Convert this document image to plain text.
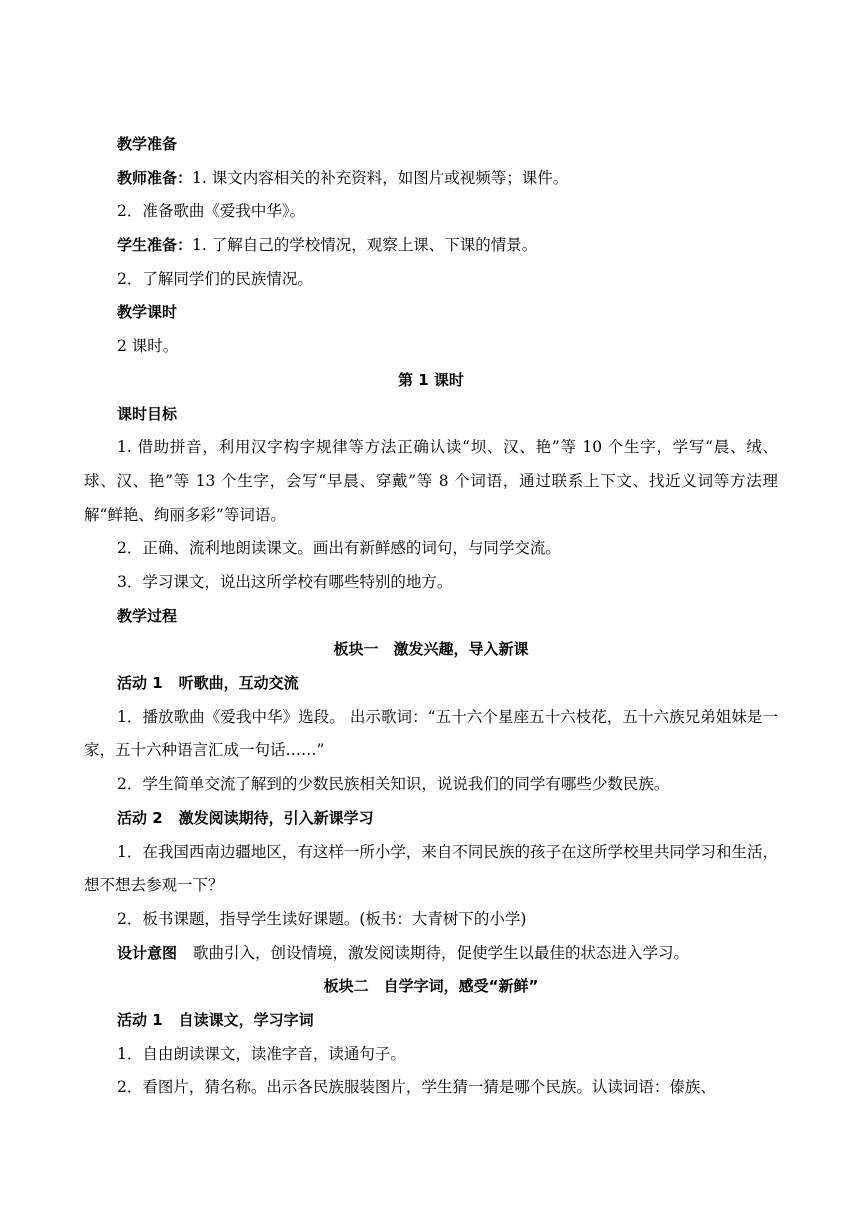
教学准备

教师准备：1. 课文内容相关的补充资料，如图片或视频等；课件。

2．准备歌曲《爱我中华》。

学生准备：1. 了解自己的学校情况，观察上课、下课的情景。

2．了解同学们的民族情况。

教学课时

2 课时。

第 1 课时

课时目标

1. 借助拼音，利用汉字构字规律等方法正确认读“坝、汉、艳”等 10 个生字，学写“晨、绒、球、汉、艳”等 13 个生字，会写“早晨、穿戴”等 8 个词语，通过联系上下文、找近义词等方法理解“鲜艳、绚丽多彩”等词语。

2．正确、流利地朗读课文。画出有新鲜感的词句，与同学交流。

3．学习课文，说出这所学校有哪些特别的地方。

教学过程

板块一　激发兴趣，导入新课

活动 1 听歌曲，互动交流

1．播放歌曲《爱我中华》选段。 出示歌词：“五十六个星座五十六枝花，五十六族兄弟姐妹是一家，五十六种语言汇成一句话……”

2．学生简单交流了解到的少数民族相关知识，说说我们的同学有哪些少数民族。

活动 2 激发阅读期待，引入新课学习

1．在我国西南边疆地区，有这样一所小学，来自不同民族的孩子在这所学校里共同学习和生活，想不想去参观一下？

2．板书课题，指导学生读好课题。(板书：大青树下的小学)

设计意图 歌曲引入，创设情境，激发阅读期待，促使学生以最佳的状态进入学习。

板块二　自学字词，感受“新鲜”

活动 1 自读课文，学习字词

1．自由朗读课文，读准字音，读通句子。

2．看图片，猜名称。出示各民族服装图片，学生猜一猜是哪个民族。认读词语：傣族、
